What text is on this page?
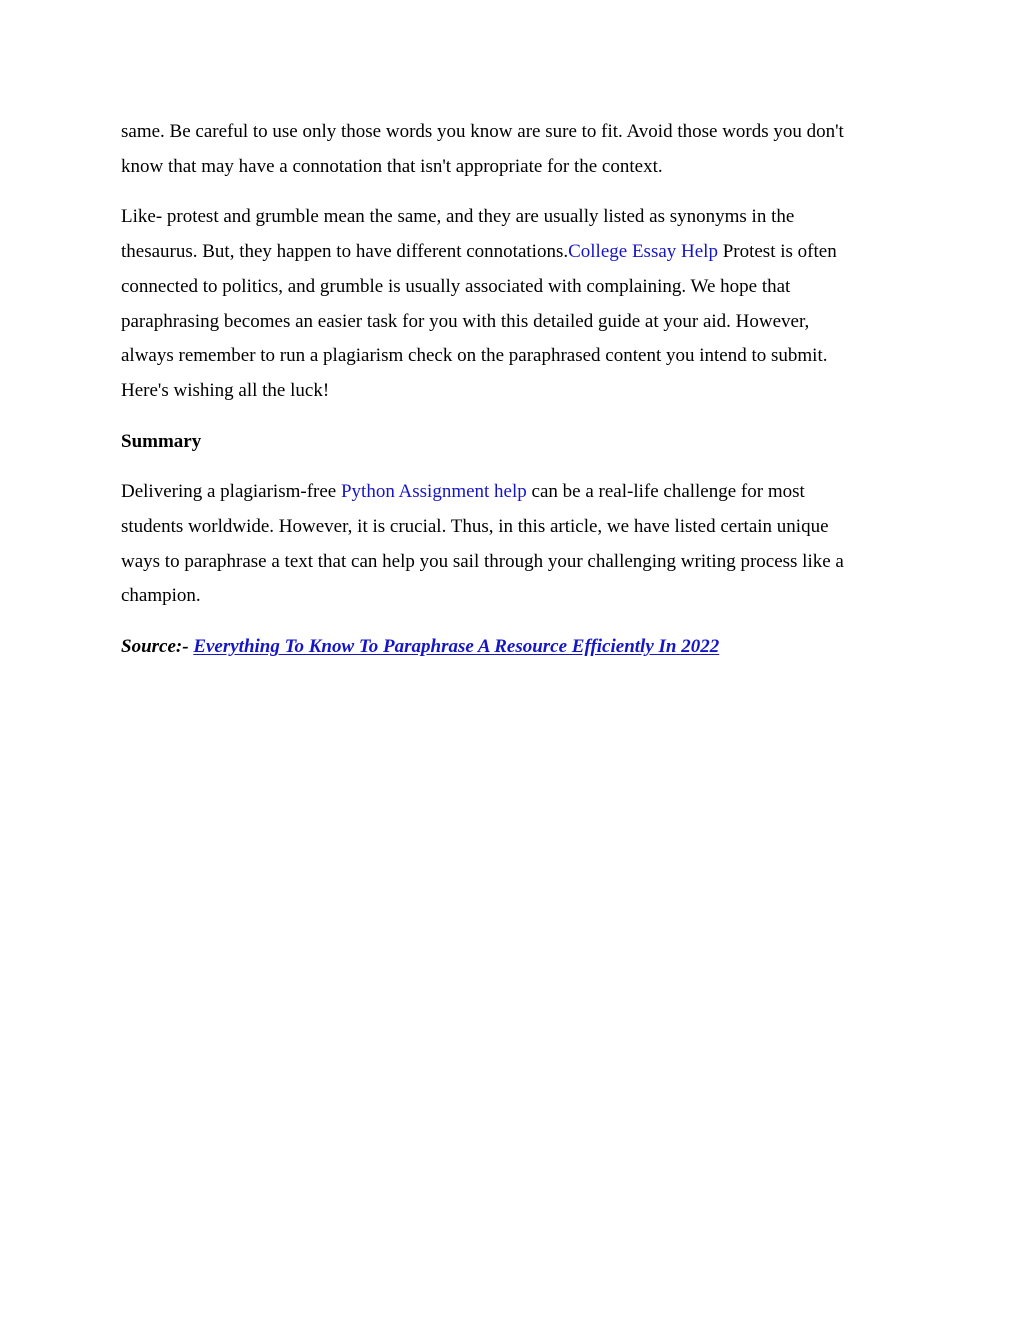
same. Be careful to use only those words you know are sure to fit. Avoid those words you don't
know that may have a connotation that isn't appropriate for the context.

Like- protest and grumble mean the same, and they are usually listed as synonyms in the
thesaurus. But, they happen to have different connotations.College Essay Help Protest is often
connected to politics, and grumble is usually associated with complaining. We hope that
paraphrasing becomes an easier task for you with this detailed guide at your aid. However,
always remember to run a plagiarism check on the paraphrased content you intend to submit.
Here's wishing all the luck!

Summary

Delivering a plagiarism-free Python Assignment help can be a real-life challenge for most
students worldwide. However, it is crucial. Thus, in this article, we have listed certain unique
ways to paraphrase a text that can help you sail through your challenging writing process like a
champion.

Source:- Everything To Know To Paraphrase A Resource Efficiently In 2022
